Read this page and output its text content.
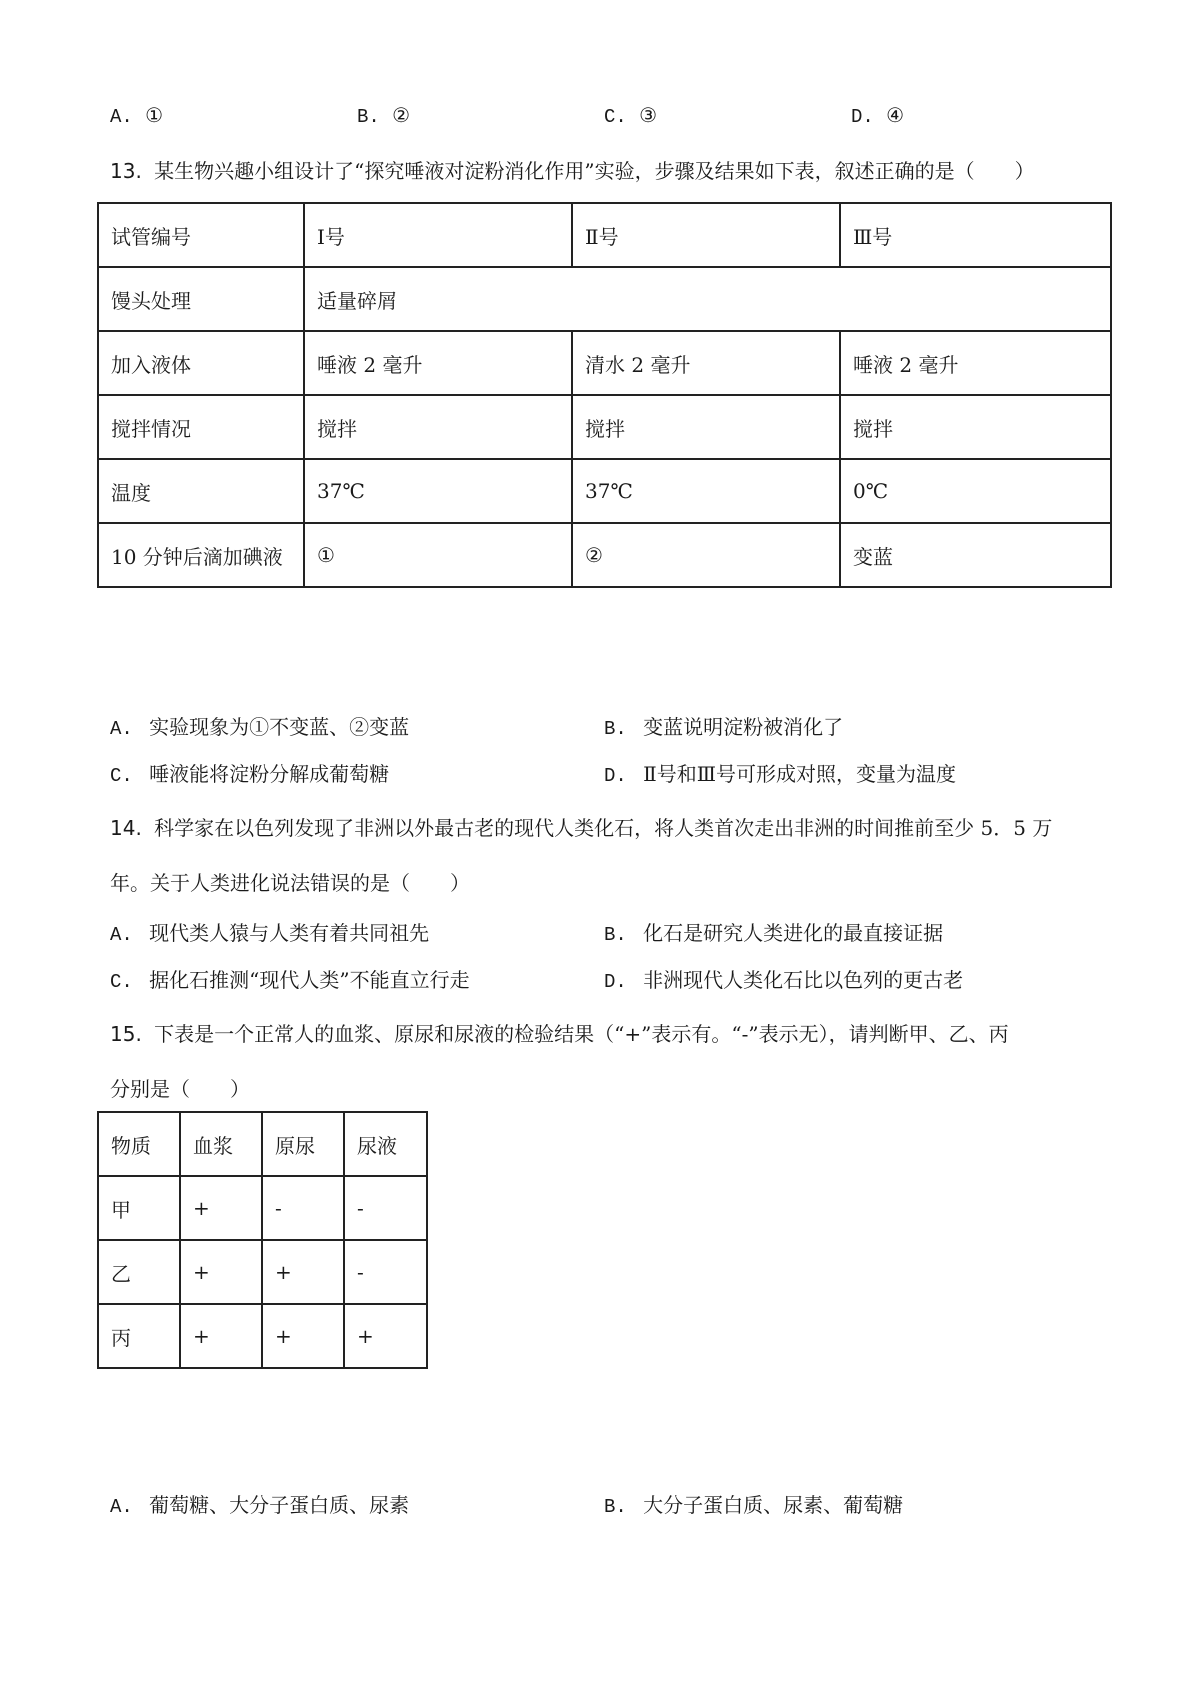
A. ①	B. ②	C. ③	D. ④
13. 某生物兴趣小组设计了“探究唾液对淀粉消化作用”实验，步骤及结果如下表，叙述正确的是（　　）
试管编号	Ⅰ号	Ⅱ号	Ⅲ号
馒头处理	适量碎屑		
加入液体	唾液 2 毫升	清水 2 毫升	唾液 2 毫升
搅拌情况	搅拌	搅拌	搅拌
温度	37℃	37℃	0℃
10 分钟后滴加碘液	①	②	变蓝
A. 实验现象为①不变蓝、②变蓝	B. 变蓝说明淀粉被消化了
C. 唾液能将淀粉分解成葡萄糖	D. Ⅱ号和Ⅲ号可形成对照，变量为温度
14. 科学家在以色列发现了非洲以外最古老的现代人类化石，将人类首次走出非洲的时间推前至少 5．5 万
年。关于人类进化说法错误的是（　　）
A. 现代类人猿与人类有着共同祖先	B. 化石是研究人类进化的最直接证据
C. 据化石推测“现代人类”不能直立行走	D. 非洲现代人类化石比以色列的更古老
15. 下表是一个正常人的血浆、原尿和尿液的检验结果（“+”表示有。“-”表示无），请判断甲、乙、丙
分别是（　　）
物质	血浆	原尿	尿液
甲	+	-	-
乙	+	+	-
丙	+	+	+
A. 葡萄糖、大分子蛋白质、尿素	B. 大分子蛋白质、尿素、葡萄糖
